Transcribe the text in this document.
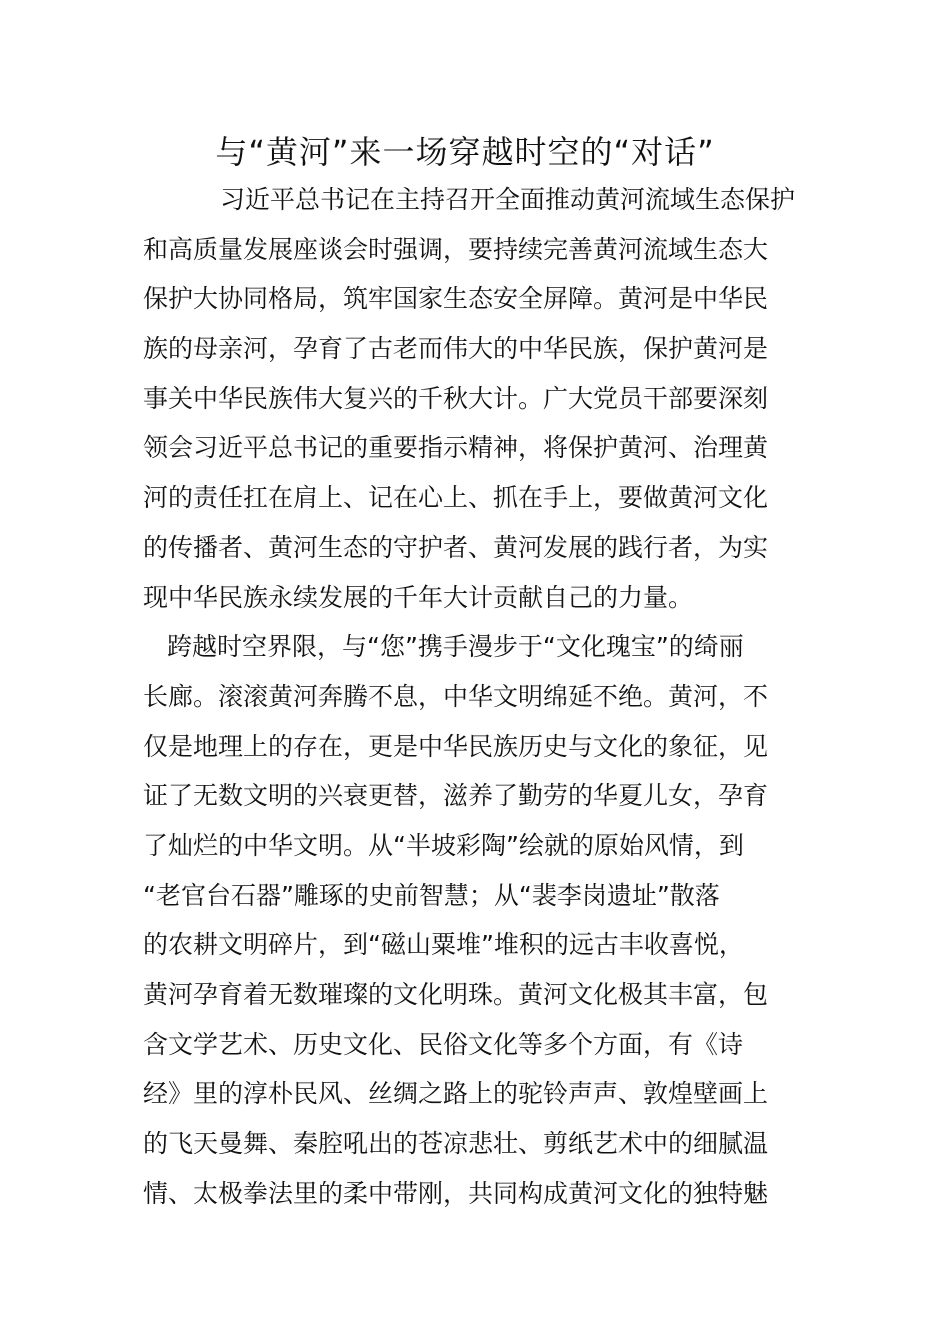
与“黄河”来一场穿越时空的“对话”
习近平总书记在主持召开全面推动黄河流域生态保护
和高质量发展座谈会时强调，要持续完善黄河流域生态大
保护大协同格局，筑牢国家生态安全屏障。黄河是中华民
族的母亲河，孕育了古老而伟大的中华民族，保护黄河是
事关中华民族伟大复兴的千秋大计。广大党员干部要深刻
领会习近平总书记的重要指示精神，将保护黄河、治理黄
河的责任扛在肩上、记在心上、抓在手上，要做黄河文化
的传播者、黄河生态的守护者、黄河发展的践行者，为实
现中华民族永续发展的千年大计贡献自己的力量。
跨越时空界限，与“您”携手漫步于“文化瑰宝”的绮丽
长廊。滚滚黄河奔腾不息，中华文明绵延不绝。黄河，不
仅是地理上的存在，更是中华民族历史与文化的象征，见
证了无数文明的兴衰更替，滋养了勤劳的华夏儿女，孕育
了灿烂的中华文明。从“半坡彩陶”绘就的原始风情，到
“老官台石器”雕琢的史前智慧；从“裴李岗遗址”散落
的农耕文明碎片，到“磁山粟堆”堆积的远古丰收喜悦，
黄河孕育着无数璀璨的文化明珠。黄河文化极其丰富，包
含文学艺术、历史文化、民俗文化等多个方面，有《诗
经》里的淳朴民风、丝绸之路上的驼铃声声、敦煌壁画上
的飞天曼舞、秦腔吼出的苍凉悲壮、剪纸艺术中的细腻温
情、太极拳法里的柔中带刚，共同构成黄河文化的独特魅
